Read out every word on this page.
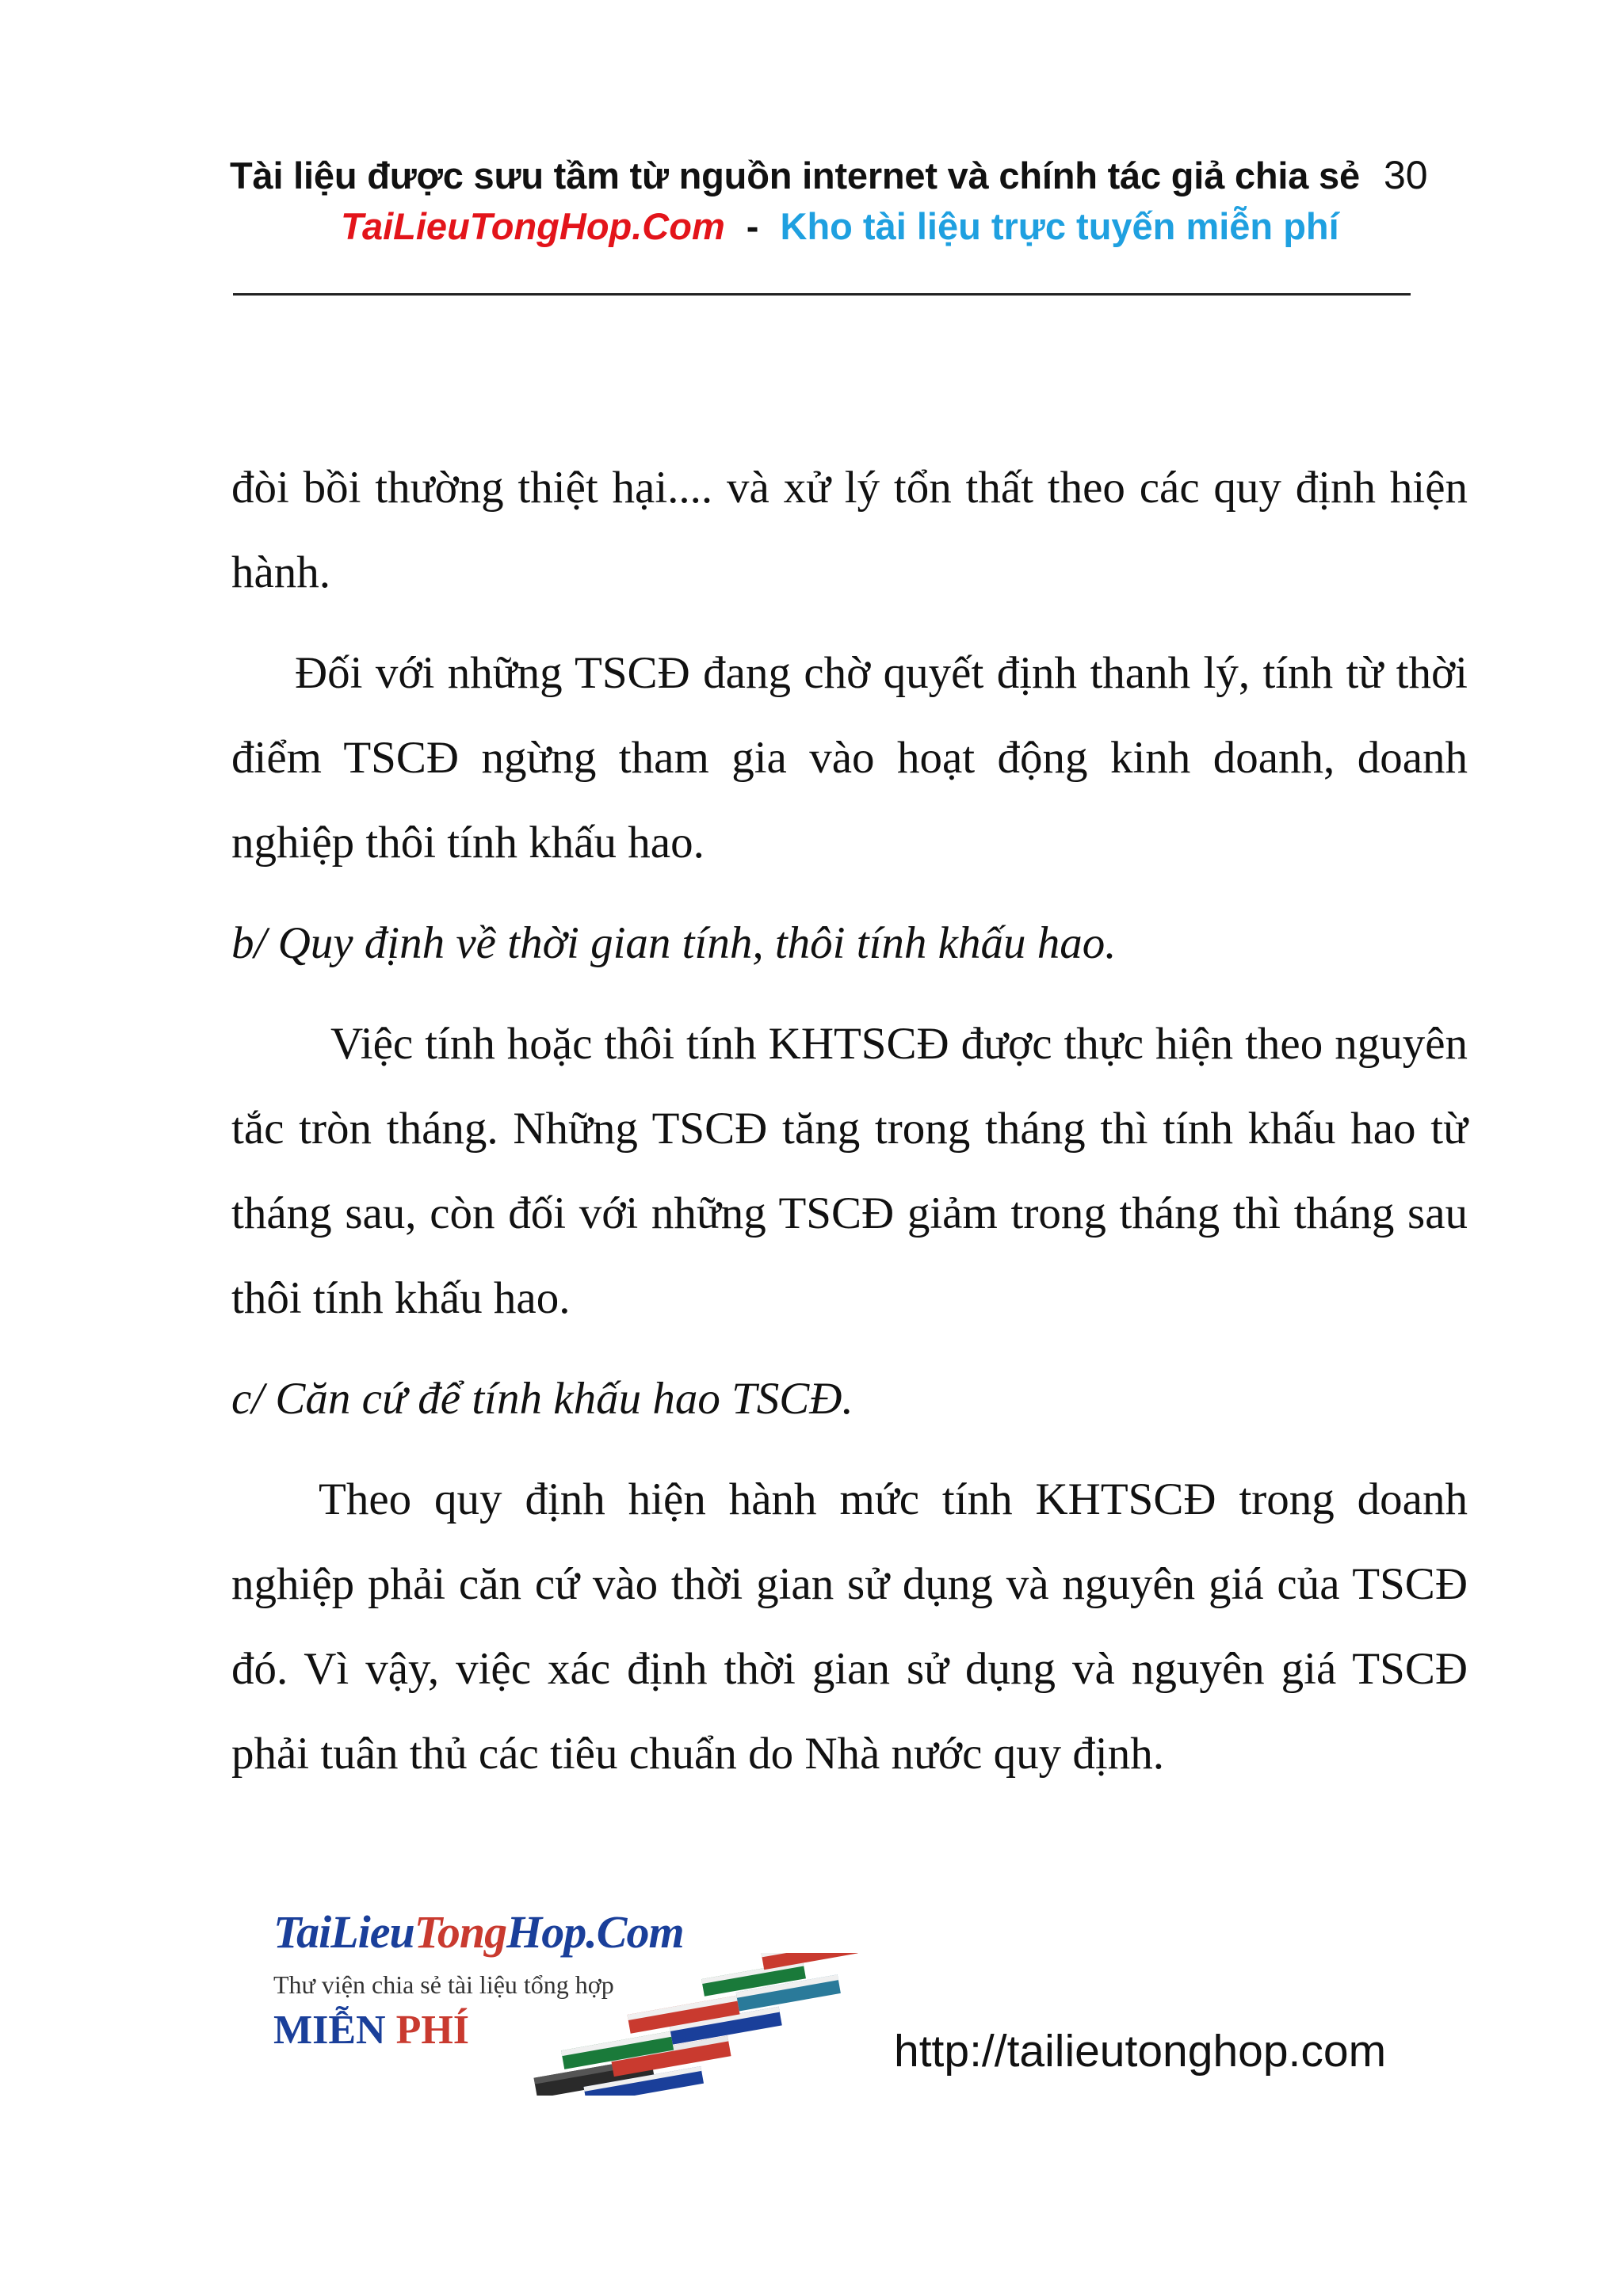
Tài liệu được sưu tầm từ nguồn internet và chính tác giả chia sẻ 30
TaiLieuTongHop.Com - Kho tài liệu trực tuyến miễn phí

đòi bồi thường thiệt hại.... và xử lý tổn thất theo các quy định hiện hành.

Đối với những TSCĐ đang chờ quyết định thanh lý, tính từ thời điểm TSCĐ ngừng tham gia vào hoạt động kinh doanh, doanh nghiệp thôi tính khấu hao.

b/ Quy định về thời gian tính, thôi tính khấu hao.

Việc tính hoặc thôi tính KHTSCĐ được thực hiện theo nguyên tắc tròn tháng. Những TSCĐ tăng trong tháng thì tính khấu hao từ tháng sau, còn đối với những TSCĐ giảm trong tháng thì tháng sau thôi tính khấu hao.

c/ Căn cứ để tính khấu hao TSCĐ.

Theo quy định hiện hành mức tính KHTSCĐ trong doanh nghiệp phải căn cứ vào thời gian sử dụng và nguyên giá của TSCĐ đó. Vì vậy, việc xác định thời gian sử dụng và nguyên giá TSCĐ phải tuân thủ các tiêu chuẩn do Nhà nước quy định.

TaiLieuTongHop.Com
Thư viện chia sẻ tài liệu tổng hợp
MIỄN PHÍ	http://tailieutonghop.com
